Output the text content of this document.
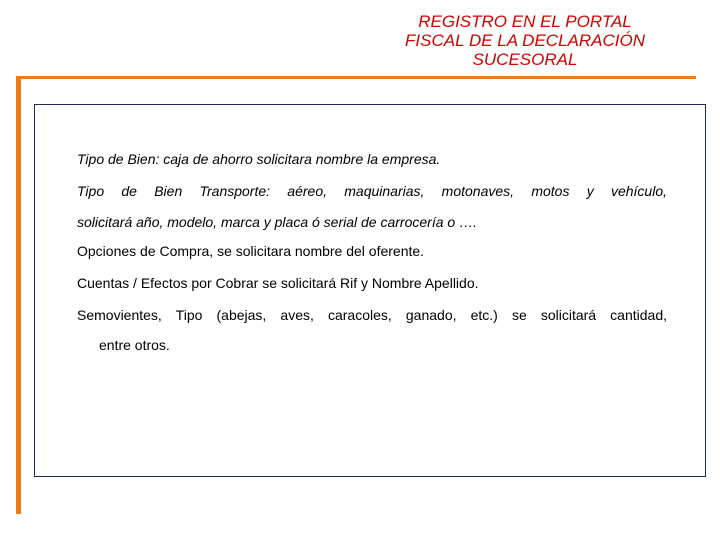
REGISTRO EN EL PORTAL
FISCAL DE LA DECLARACIÓN
SUCESORAL

Tipo de Bien: caja de ahorro solicitara nombre la empresa.

Tipo de Bien Transporte: aéreo, maquinarias, motonaves, motos y vehículo,
solicitará año, modelo, marca y placa ó serial de carrocería o ….

Opciones de Compra, se solicitara nombre del oferente.

Cuentas / Efectos por Cobrar se solicitará Rif y Nombre Apellido.

Semovientes, Tipo (abejas, aves, caracoles, ganado, etc.) se solicitará cantidad,
entre otros.
